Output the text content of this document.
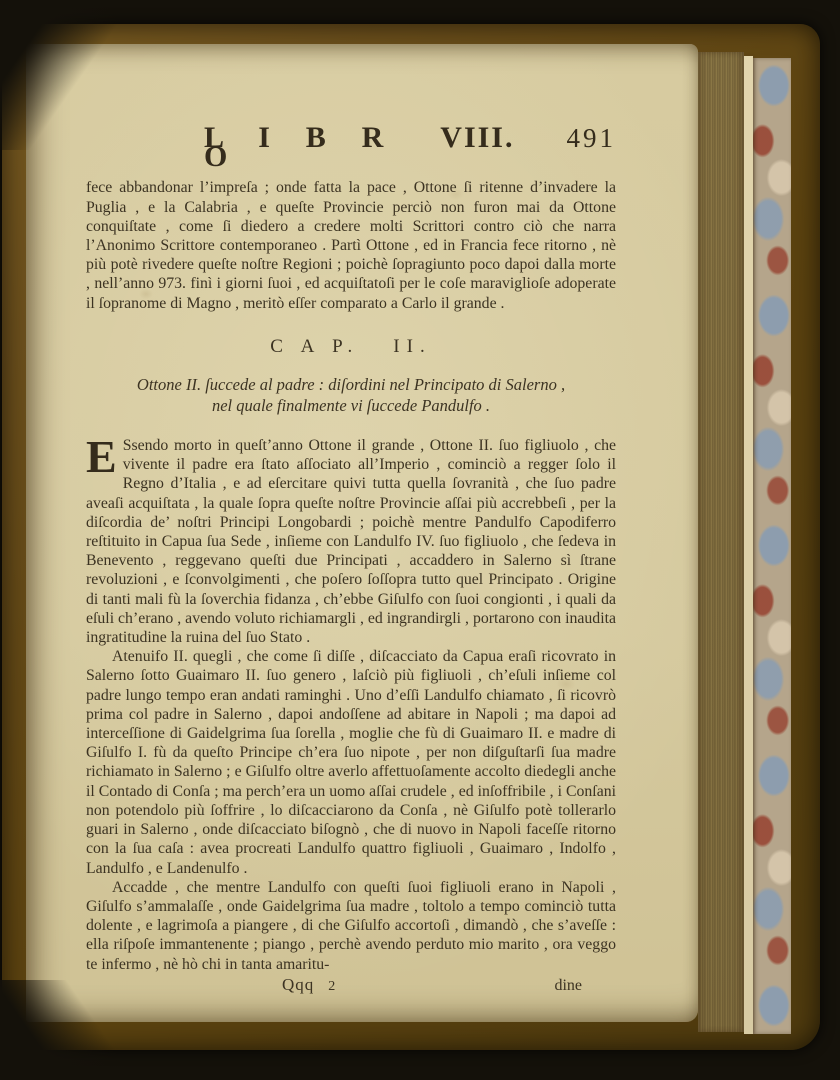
L I B R O
VIII. 491

fece abbandonar l’impreſa ; onde fatta la pace , Ottone ſi ritenne d’invadere la Puglia , e la Calabria , e queſte Provincie perciò non furon mai da Ottone conquiſtate , come ſi diedero a credere molti Scrittori contro ciò che narra l’Anonimo Scrittore contemporaneo . Partì Ottone , ed in Francia fece ritorno , nè più potè rivedere queſte noſtre Regioni ; poichè ſopragiunto poco dapoi dalla morte , nell’anno 973. finì i giorni ſuoi , ed acquiſtatoſi per le coſe maraviglioſe adoperate il ſopranome di Magno , meritò eſſer comparato a Carlo il grande .

C A P. II.
Ottone II. ſuccede al padre : diſordini nel Principato di Salerno ,
nel quale finalmente vi ſuccede Pandulfo .

E Ssendo morto in queſt’anno Ottone il grande , Ottone II. ſuo figliuolo , che vivente il padre era ſtato aſſociato all’Imperio , cominciò a regger ſolo il Regno d’Italia , e ad eſercitare quivi tutta quella ſovranità , che ſuo padre aveaſi acquiſtata , la quale ſopra queſte noſtre Provincie aſſai più accrebbeſi , per la diſcordia de’ noſtri Principi Longobardi ; poichè mentre Pandulfo Capodiferro reſtituito in Capua ſua Sede , inſieme con Landulfo IV. ſuo figliuolo , che ſedeva in Benevento , reggevano queſti due Principati , accaddero in Salerno sì ſtrane revoluzioni , e ſconvolgimenti , che poſero ſoſſopra tutto quel Principato . Origine di tanti mali fù la ſoverchia fidanza , ch’ebbe Giſulfo con ſuoi congionti , i quali da eſuli ch’erano , avendo voluto richiamargli , ed ingrandirgli , portarono con inaudita ingratitudine la ruina del ſuo Stato .

Atenuifo II. quegli , che come ſi diſſe , diſcacciato da Capua eraſi ricovrato in Salerno ſotto Guaimaro II. ſuo genero , laſciò più figliuoli , ch’eſuli inſieme col padre lungo tempo eran andati raminghi . Uno d’eſſi Landulfo chiamato , ſi ricovrò prima col padre in Salerno , dapoi andoſſene ad abitare in Napoli ; ma dapoi ad interceſſione di Gaidelgrima ſua ſorella , moglie che fù di Guaimaro II. e madre di Giſulfo I. fù da queſto Principe ch’era ſuo nipote , per non diſguſtarſi ſua madre richiamato in Salerno ; e Giſulfo oltre averlo affettuoſamente accolto diedegli anche il Contado di Conſa ; ma perch’era un uomo aſſai crudele , ed inſoffribile , i Conſani non potendolo più ſoffrire , lo diſcacciarono da Conſa , nè Giſulfo potè tollerarlo guari in Salerno , onde diſcacciato biſognò , che di nuovo in Napoli faceſſe ritorno con la ſua caſa : avea procreati Landulfo quattro figliuoli , Guaimaro , Indolfo , Landulfo , e Landenulfo .

Accadde , che mentre Landulfo con queſti ſuoi figliuoli erano in Napoli , Giſulfo s’ammalaſſe , onde Gaidelgrima ſua madre , toltolo a tempo cominciò tutta dolente , e lagrimoſa a piangere , di che Giſulfo accortoſi , dimandò , che s’aveſſe : ella riſpoſe immantenente ; piango , perchè avendo perduto mio marito , ora veggo te infermo , nè hò chi in tanta amaritu-

Qqq 2	dine
